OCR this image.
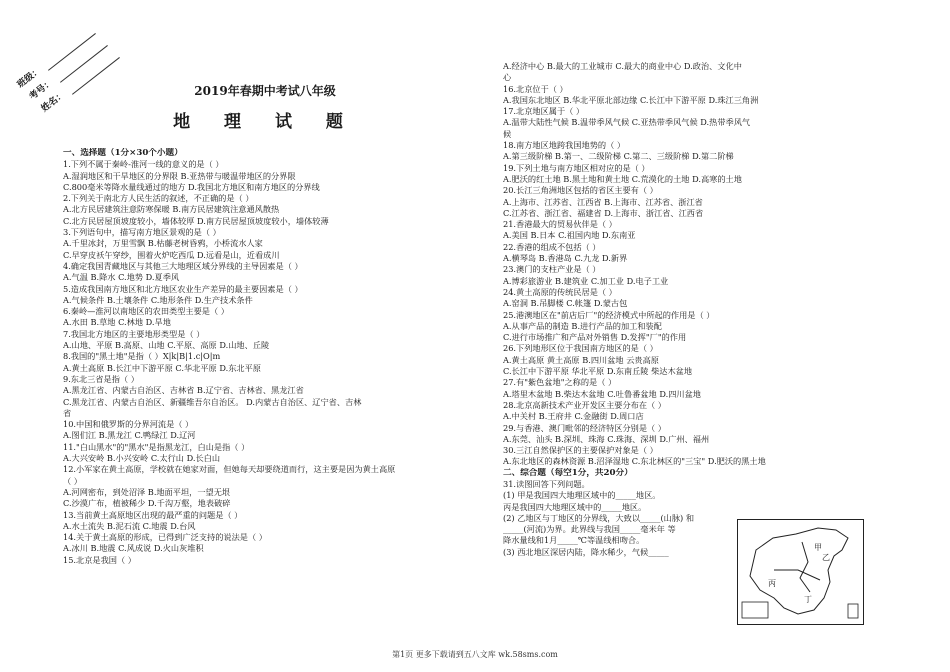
班级：
考号：
姓名：	2019年春期中考试八年级

地 理 试 题

一、选择题（1分×30个小题）
1.下列不属于秦岭-淮河一线的意义的是（ ）
A.湿润地区和干旱地区的分界限 B.亚热带与暖温带地区的分界限
C.800毫米等降水量线通过的地方 D.我国北方地区和南方地区的分界线
2.下列关于南北方人民生活的叙述，不正确的是（ ）
A.北方民居建筑注意防寒保暖 B.南方民居建筑注意通风散热
C.北方民居屋顶坡度较小，墙体较厚 D.南方民居屋顶坡度较小，墙体较薄
3.下列语句中，描写南方地区景观的是（ ）
A.千里冰封，万里雪飘 B.枯藤老树昏鸦，小桥流水人家
C.早穿皮袄午穿纱，围着火炉吃西瓜 D.远看是山，近看成川
4.确定我国青藏地区与其他三大地理区域分界线的主导因素是（ ）
A.气温 B.降水 C.地势 D.夏季风
5.造成我国南方地区和北方地区农业生产差异的最主要因素是（ ）
A.气候条件 B.土壤条件 C.地形条件 D.生产技术条件
6.秦岭—淮河以南地区的农田类型主要是（ ）
A.水田 B.草地 C.林地 D.旱地
7.我国北方地区的主要地形类型是（ ）
A.山地、平原 B.高原、山地 C.平原、高原 D.山地、丘陵
8.我国的"黑土地"是指（ ）X|k|B|1.c|O|m
A.黄土高原 B.长江中下游平原 C.华北平原 D.东北平原
9.东北三省是指（ ）
A.黑龙江省、内蒙古自治区、吉林省 B.辽宁省、吉林省、黑龙江省
C.黑龙江省、内蒙古自治区、新疆维吾尔自治区。 D.内蒙古自治区、辽宁省、吉林
省
10.中国和俄罗斯的分界河流是（ ）
A.图们江 B.黑龙江 C.鸭绿江 D.辽河
11."白山黑水"的"黑水"是指黑龙江，白山是指（ ）
A.大兴安岭 B.小兴安岭 C.太行山 D.长白山
12.小军家在黄土高原，学校就在她家对面，但她每天却要绕道而行，这主要是因为黄土高原
（ ）
A.河网密布，到处沼泽 B.地面平坦，一望无垠
C.沙漠广布，植被稀少 D.千沟万壑，地表破碎
13.当前黄土高原地区出现的最严重的问题是（ ）
A.水土流失 B.泥石流 C.地震 D.台风
14.关于黄土高原的形成，已得到广泛支持的说法是（ ）
A.冰川 B.地震 C.风成说 D.火山灰堆积
15.北京是我国（ ）
A.经济中心 B.最大的工业城市 C.最大的商业中心 D.政治、文化中
心
16.北京位于（ ）
A.我国东北地区 B.华北平原北部边缘 C.长江中下游平原 D.珠江三角洲
17.北京地区属于（ ）
A.温带大陆性气候 B.温带季风气候 C.亚热带季风气候 D.热带季风气
候
18.南方地区地跨我国地势的（ ）
A.第三级阶梯 B.第一、二级阶梯 C.第二、三级阶梯 D.第二阶梯
19.下列土地与南方地区相对应的是（ ）
A.肥沃的红土地 B.黑土地和黄土地 C.荒漠化的土地 D.高寒的土地
20.长江三角洲地区包括的省区主要有（ ）
A.上海市、江苏省、江西省 B.上海市、江苏省、浙江省
C.江苏省、浙江省、福建省 D.上海市、浙江省、江西省
21.香港最大的贸易伙伴是（ ）
A.美国 B.日本 C.祖国内地 D.东南亚
22.香港的组成不包括（ ）
A.横琴岛 B.香港岛 C.九龙 D.新界
23.澳门的支柱产业是（ ）
A.博彩旅游业 B.建筑业 C.加工业 D.电子工业
24.黄土高原的传统民居是（ ）
A.窑洞 B.吊脚楼 C.帐篷 D.蒙古包
25.港澳地区在"前店后厂"的经济模式中所起的作用是（ ）
A.从事产品的制造 B.进行产品的加工和装配
C.进行市场推广和产品对外销售 D.发挥"厂"的作用
26.下列地形区位于我国南方地区的是（ ）
A.黄土高原 黄土高原 B.四川盆地 云贵高原
C.长江中下游平原 华北平原 D.东南丘陵 柴达木盆地
27.有"紫色盆地"之称的是（ ）
A.塔里木盆地 B.柴达木盆地 C.吐鲁番盆地 D.四川盆地
28.北京高新技术产业开发区主要分布在（ ）
A.中关村 B.王府井 C.金融街 D.周口店
29.与香港、澳门毗邻的经济特区分别是（ ）
A.东莞、汕头 B.深圳、珠海 C.珠海、深圳 D.广州、福州
30.三江自然保护区的主要保护对象是（ ）
A.东北地区的森林资源 B.沼泽湿地 C.东北林区的"三宝" D.肥沃的黑土地
二、综合题（每空1分，共20分）
31.读图回答下列问题。
(1) 甲是我国四大地理区域中的_____地区。
丙是我国四大地理区域中的_____地区。
(2) 乙地区与丁地区的分界线，大致以_____(山脉) 和
_____(河流)为界。此界线与我国_____毫米年 等
降水量线和1月_____℃等温线相吻合。
(3) 西北地区深居内陆，降水稀少，气候_____	甲
乙
丙
丁
第1页 更多下载请到五八文库 wk.58sms.com
